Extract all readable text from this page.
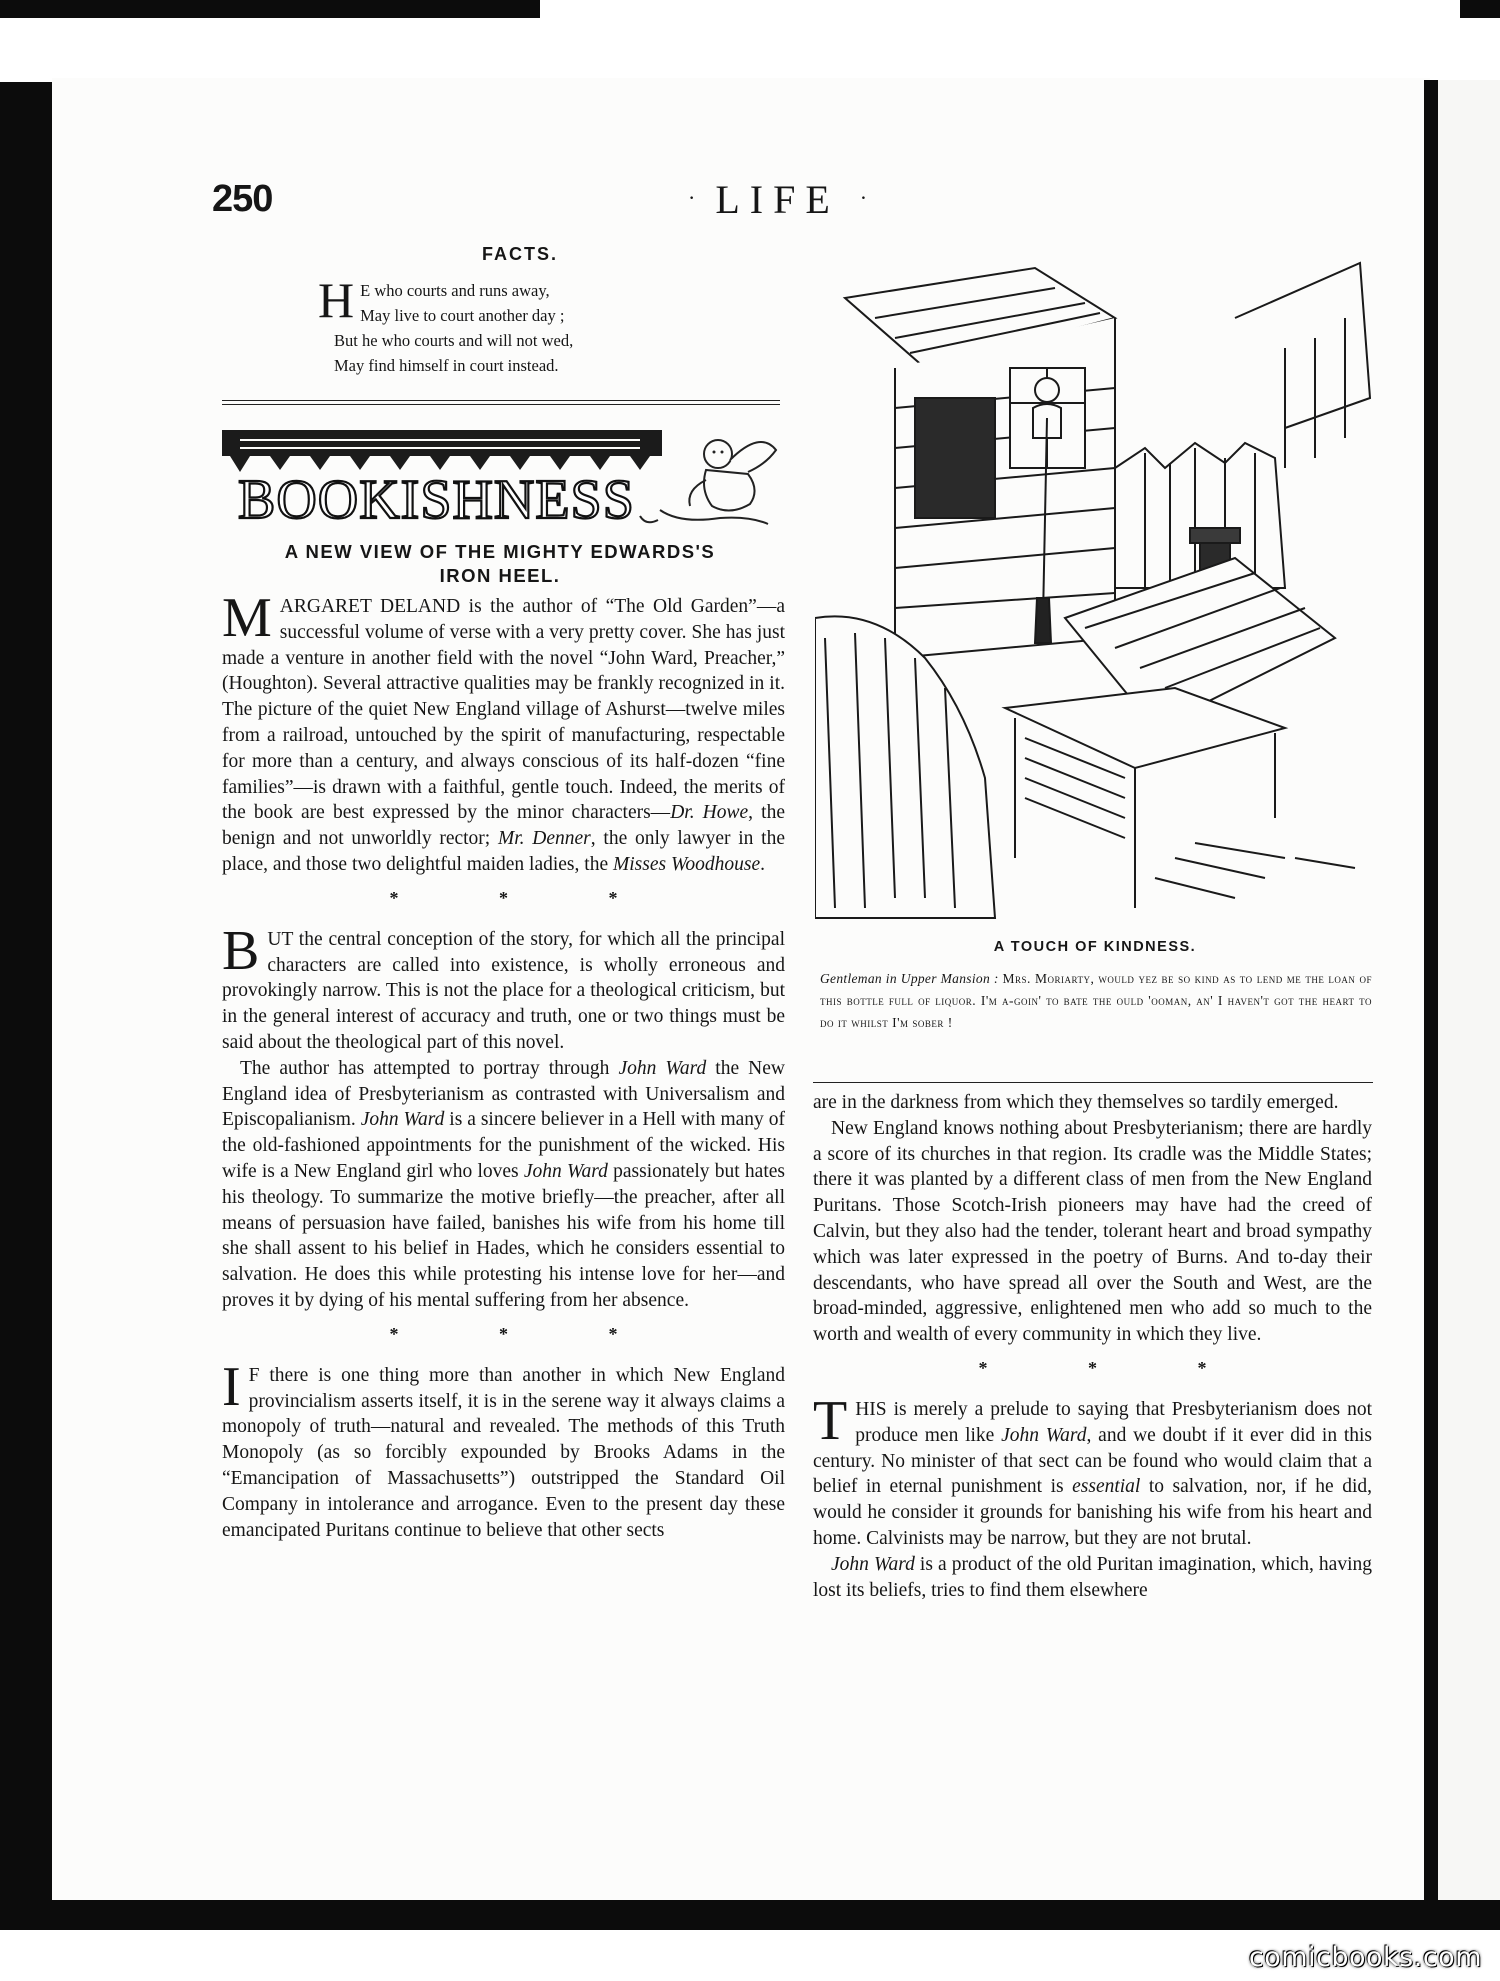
250	· LIFE ·
FACTS.
H E who courts and runs away,
May live to court another day ;
But he who courts and will not wed,
May find himself in court instead.
BOOKISHNESS
A NEW VIEW OF THE MIGHTY EDWARDS'S
IRON HEEL.

MARGARET DELAND is the author of “The Old Garden”—a successful volume of verse with a very pretty cover. She has just made a venture in another field with the novel “John Ward, Preacher,” (Houghton). Several attractive qualities may be frankly recognized in it. The picture of the quiet New England village of Ashurst—twelve miles from a railroad, untouched by the spirit of manufacturing, respectable for more than a century, and always conscious of its half-dozen “fine families”—is drawn with a faithful, gentle touch. Indeed, the merits of the book are best expressed by the minor characters—Dr. Howe, the benign and not unworldly rector; Mr. Denner, the only lawyer in the place, and those two delightful maiden ladies, the Misses Woodhouse.

* * *

BUT the central conception of the story, for which all the principal characters are called into existence, is wholly erroneous and provokingly narrow. This is not the place for a theological criticism, but in the general interest of accuracy and truth, one or two things must be said about the theological part of this novel.

The author has attempted to portray through John Ward the New England idea of Presbyterianism as contrasted with Universalism and Episcopalianism. John Ward is a sincere believer in a Hell with many of the old-fashioned appointments for the punishment of the wicked. His wife is a New England girl who loves John Ward passionately but hates his theology. To summarize the motive briefly—the preacher, after all means of persuasion have failed, banishes his wife from his home till she shall assent to his belief in Hades, which he considers essential to salvation. He does this while protesting his intense love for her—and proves it by dying of his mental suffering from her absence.

* * *

I F there is one thing more than another in which New England provincialism asserts itself, it is in the serene way it always claims a monopoly of truth—natural and revealed. The methods of this Truth Monopoly (as so forcibly expounded by Brooks Adams in the “Emancipation of Massachusetts”) outstripped the Standard Oil Company in intolerance and arrogance. Even to the present day these emancipated Puritans continue to believe that other sects

A TOUCH OF KINDNESS.
Gentleman in Upper Mansion : Mrs. Moriarty, would yez be so kind as to lend me the loan of this bottle full of liquor. I'm a-goin' to bate the ould 'ooman, an' I haven't got the heart to do it whilst I'm sober !

are in the darkness from which they themselves so tardily emerged.

New England knows nothing about Presbyterianism; there are hardly a score of its churches in that region. Its cradle was the Middle States; there it was planted by a different class of men from the New England Puritans. Those Scotch-Irish pioneers may have had the creed of Calvin, but they also had the tender, tolerant heart and broad sympathy which was later expressed in the poetry of Burns. And to-day their descendants, who have spread all over the South and West, are the broad-minded, aggressive, enlightened men who add so much to the worth and wealth of every community in which they live.

* * *

THIS is merely a prelude to saying that Presbyterianism does not produce men like John Ward, and we doubt if it ever did in this century. No minister of that sect can be found who would claim that a belief in eternal punishment is essential to salvation, nor, if he did, would he consider it grounds for banishing his wife from his heart and home. Calvinists may be narrow, but they are not brutal.

John Ward is a product of the old Puritan imagination, which, having lost its beliefs, tries to find them elsewhere

comicbooks.com
